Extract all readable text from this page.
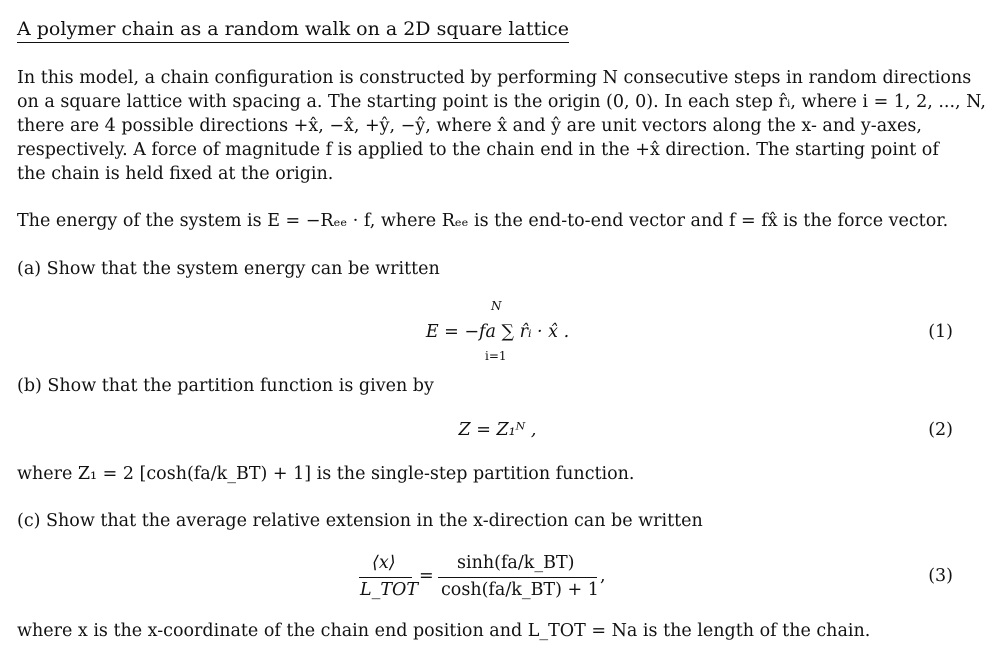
A polymer chain as a random walk on a 2D square lattice
In this model, a chain configuration is constructed by performing N consecutive steps in random directions
on a square lattice with spacing a. The starting point is the origin (0, 0). In each step r̂ᵢ, where i = 1, 2, ..., N,
there are 4 possible directions +x̂, −x̂, +ŷ, −ŷ, where x̂ and ŷ are unit vectors along the x- and y-axes,
respectively. A force of magnitude f is applied to the chain end in the +x̂ direction. The starting point of
the chain is held fixed at the origin.
The energy of the system is E = −Rₑₑ · f, where Rₑₑ is the end-to-end vector and f = fx̂ is the force vector.
(a) Show that the system energy can be written
N
E = −fa ∑ r̂ᵢ · x̂ .
i=1
(1)
(b) Show that the partition function is given by
Z = Z₁ᴺ ,	(2)
where Z₁ = 2 [cosh(fa/k_BT) + 1] is the single-step partition function.
(c) Show that the average relative extension in the x-direction can be written
⟨x⟩
L_TOT
=
sinh(fa/k_BT)
cosh(fa/k_BT) + 1
,	(3)
where x is the x-coordinate of the chain end position and L_TOT = Na is the length of the chain.
